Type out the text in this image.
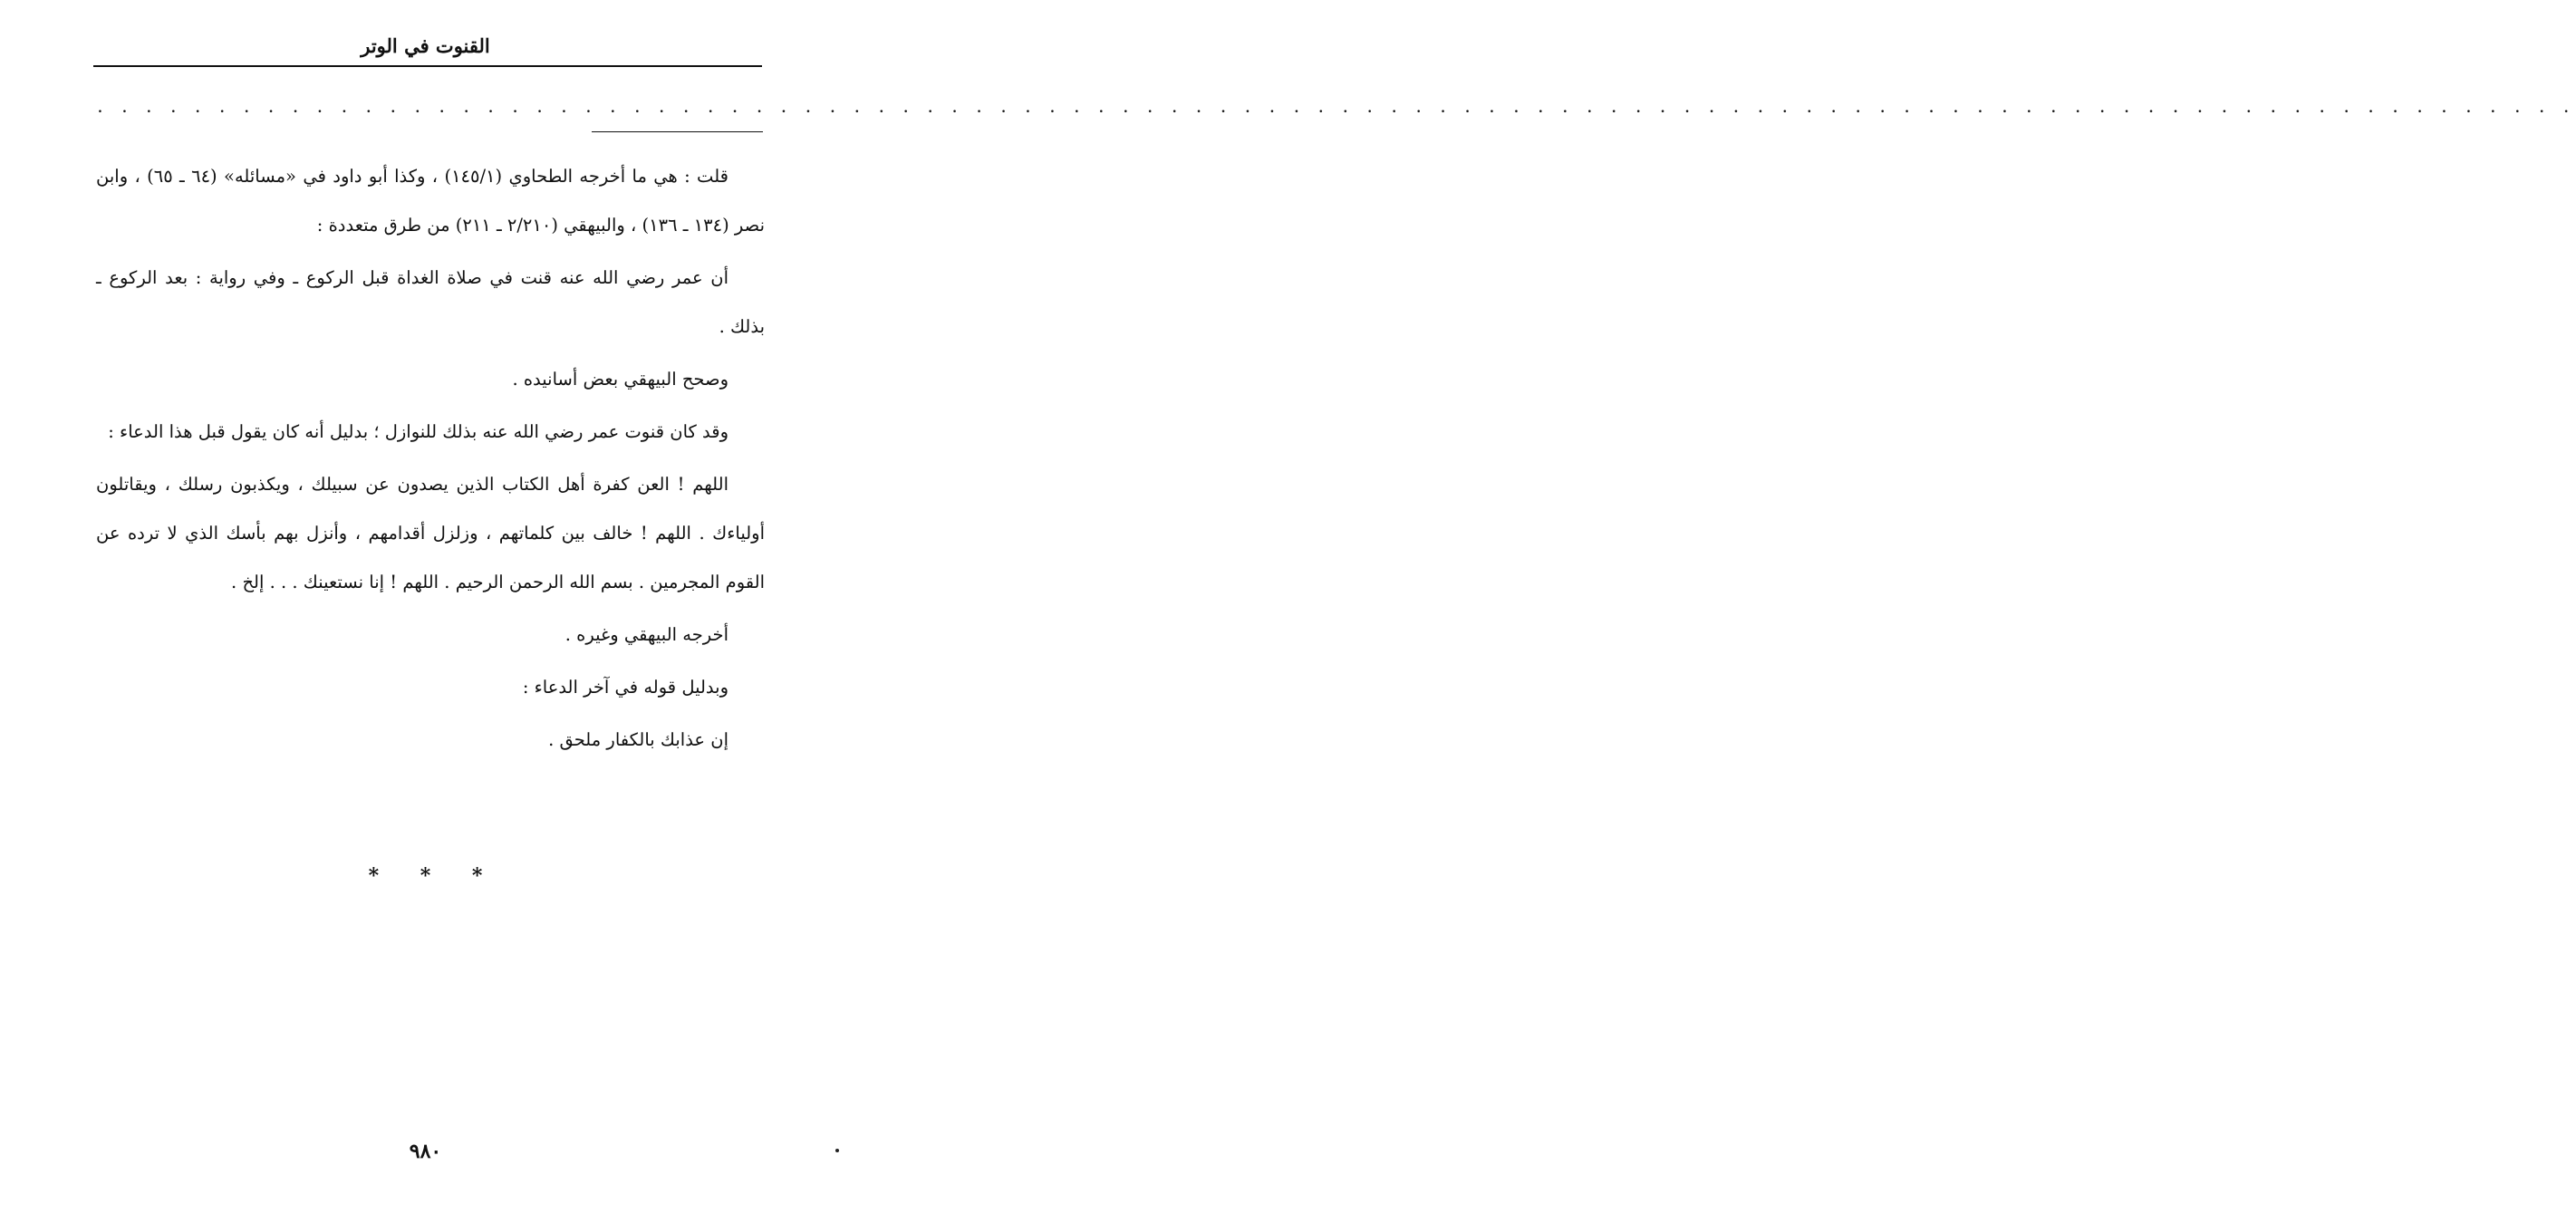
القنوت في الوتر
. . . . . . . . . . . . . . . . . . . . . . . . . . . . . . . . . . . . . . . . . . . . . . . . . . . . . . . . . . . . . . . . . . . . . . . . . . . . . . . . . . . . . . . . . . . . . . . . . . . . . .

قلت : هي ما أخرجه الطحاوي (١٤٥/١) ، وكذا أبو داود في «مسائله» (٦٤ ـ ٦٥) ، وابن نصر (١٣٤ ـ ١٣٦) ، والبيهقي (٢/٢١٠ ـ ٢١١) من طرق متعددة :

أن عمر رضي الله عنه قنت في صلاة الغداة قبل الركوع ـ وفي رواية : بعد الركوع ـ بذلك .

وصحح البيهقي بعض أسانيده .

وقد كان قنوت عمر رضي الله عنه بذلك للنوازل ؛ بدليل أنه كان يقول قبل هذا الدعاء :

اللهم ! العن كفرة أهل الكتاب الذين يصدون عن سبيلك ، ويكذبون رسلك ، ويقاتلون أولياءك . اللهم ! خالف بين كلماتهم ، وزلزل أقدامهم ، وأنزل بهم بأسك الذي لا ترده عن القوم المجرمين . بسم الله الرحمن الرحيم . اللهم ! إنا نستعينك . . . إلخ .

أخرجه البيهقي وغيره .

وبدليل قوله في آخر الدعاء :

إن عذابك بالكفار ملحق .

* * *
٩٨٠
